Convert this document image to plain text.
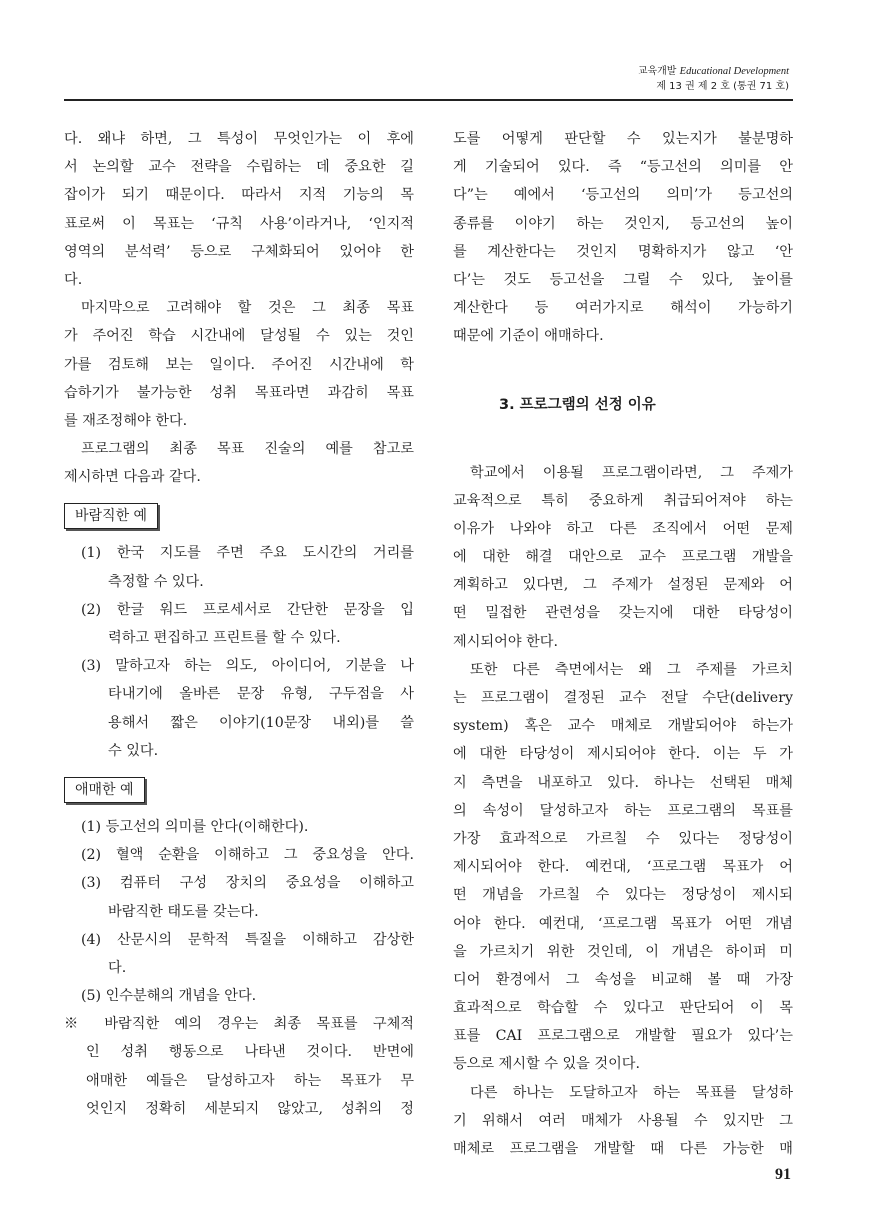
교육개발 Educational Development
제 13 권 제 2 호 (통권 71 호)
다. 왜냐 하면, 그 특성이 무엇인가는 이 후에
서 논의할 교수 전략을 수립하는 데 중요한 길
잡이가 되기 때문이다. 따라서 지적 기능의 목
표로써 이 목표는 ‘규칙 사용’이라거나, ‘인지적
영역의 분석력’ 등으로 구체화되어 있어야 한
다.
마지막으로 고려해야 할 것은 그 최종 목표
가 주어진 학습 시간내에 달성될 수 있는 것인
가를 검토해 보는 일이다. 주어진 시간내에 학
습하기가 불가능한 성취 목표라면 과감히 목표
를 재조정해야 한다.
프로그램의 최종 목표 진술의 예를 참고로
제시하면 다음과 같다.
바람직한 예
(1) 한국 지도를 주면 주요 도시간의 거리를
측정할 수 있다.
(2) 한글 워드 프로세서로 간단한 문장을 입
력하고 편집하고 프린트를 할 수 있다.
(3) 말하고자 하는 의도, 아이디어, 기분을 나
타내기에 올바른 문장 유형, 구두점을 사
용해서 짧은 이야기(10문장 내외)를 쓸
수 있다.
애매한 예
(1) 등고선의 의미를 안다(이해한다).
(2) 혈액 순환을 이해하고 그 중요성을 안다.
(3) 컴퓨터 구성 장치의 중요성을 이해하고
바람직한 태도를 갖는다.
(4) 산문시의 문학적 특질을 이해하고 감상한
다.
(5) 인수분해의 개념을 안다.
※ 바람직한 예의 경우는 최종 목표를 구체적
인 성취 행동으로 나타낸 것이다. 반면에
애매한 예들은 달성하고자 하는 목표가 무
엇인지 정확히 세분되지 않았고, 성취의 정
도를 어떻게 판단할 수 있는지가 불분명하
게 기술되어 있다. 즉 “등고선의 의미를 안
다”는 예에서 ‘등고선의 의미’가 등고선의
종류를 이야기 하는 것인지, 등고선의 높이
를 계산한다는 것인지 명확하지가 않고 ‘안
다’는 것도 등고선을 그릴 수 있다, 높이를
계산한다 등 여러가지로 해석이 가능하기
때문에 기준이 애매하다.
3. 프로그램의 선정 이유
학교에서 이용될 프로그램이라면, 그 주제가
교육적으로 특히 중요하게 취급되어져야 하는
이유가 나와야 하고 다른 조직에서 어떤 문제
에 대한 해결 대안으로 교수 프로그램 개발을
계획하고 있다면, 그 주제가 설정된 문제와 어
떤 밀접한 관련성을 갖는지에 대한 타당성이
제시되어야 한다.
또한 다른 측면에서는 왜 그 주제를 가르치
는 프로그램이 결정된 교수 전달 수단(delivery
system) 혹은 교수 매체로 개발되어야 하는가
에 대한 타당성이 제시되어야 한다. 이는 두 가
지 측면을 내포하고 있다. 하나는 선택된 매체
의 속성이 달성하고자 하는 프로그램의 목표를
가장 효과적으로 가르칠 수 있다는 정당성이
제시되어야 한다. 예컨대, ‘프로그램 목표가 어
떤 개념을 가르칠 수 있다는 정당성이 제시되
어야 한다. 예컨대, ‘프로그램 목표가 어떤 개념
을 가르치기 위한 것인데, 이 개념은 하이퍼 미
디어 환경에서 그 속성을 비교해 볼 때 가장
효과적으로 학습할 수 있다고 판단되어 이 목
표를 CAI 프로그램으로 개발할 필요가 있다’는
등으로 제시할 수 있을 것이다.
다른 하나는 도달하고자 하는 목표를 달성하
기 위해서 여러 매체가 사용될 수 있지만 그
매체로 프로그램을 개발할 때 다른 가능한 매
91
